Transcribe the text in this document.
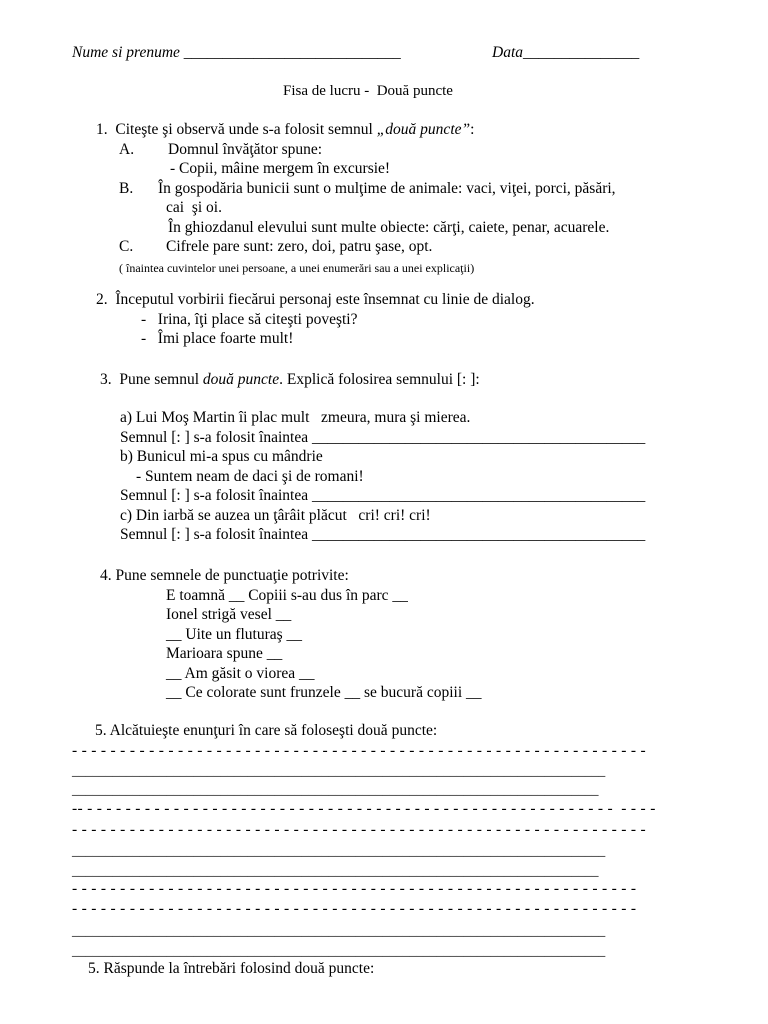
Nume si prenume ____________________________	Data_______________
Fisa de lucru -  Două puncte
1.  Citeşte şi observă unde s-a folosit semnul „două puncte”:
A. Domnul învăţător spune:
- Copii, mâine mergem în excursie!
B. În gospodăria bunicii sunt o mulţime de animale: vaci, viţei, porci, păsări,
cai  şi oi.
În ghiozdanul elevului sunt multe obiecte: cărţi, caiete, penar, acuarele.
C. Cifrele pare sunt: zero, doi, patru şase, opt.
( înaintea cuvintelor unei persoane, a unei enumerări sau a unei explicaţii)
2.  Începutul vorbirii fiecărui personaj este însemnat cu linie de dialog.
-   Irina, îţi place să citeşti poveşti?
-   Îmi place foarte mult!
3.  Pune semnul două puncte. Explică folosirea semnului [: ]:
a) Lui Moş Martin îi plac mult   zmeura, mura şi mierea.
Semnul [: ] s-a folosit înaintea ___________________________________________
b) Bunicul mi-a spus cu mândrie
- Suntem neam de daci şi de romani!
Semnul [: ] s-a folosit înaintea ___________________________________________
c) Din iarbă se auzea un ţârâit plăcut   cri! cri! cri!
Semnul [: ] s-a folosit înaintea ___________________________________________
4. Pune semnele de punctuaţie potrivite:
E toamnă __ Copiii s-au dus în parc __
Ionel strigă vesel __
__ Uite un fluturaş __
Marioara spune __
__ Am găsit o viorea __
__ Ce colorate sunt frunzele __ se bucură copiii __
5. Alcătuieşte enunţuri în care să foloseşti două puncte:
- - - - - - - - - - - - - - - - - - - - - - - - - - - - - - - - - - - - - - - - - - - - - - - - - - - - - - - - - - - -
_______________________________________________________________________________
______________________________________________________________________________
-- - - - - - - - - - - - - - - - - - - - - - - - - - - - - - - - - - - - - - - - - - - - - - - - - - - - - - - -  - - - -
- - - - - - - - - - - - - - - - - - - - - - - - - - - - - - - - - - - - - - - - - - - - - - - - - - - - - - - - - - - -
_______________________________________________________________________________
______________________________________________________________________________
- - - - - - - - - - - - - - - - - - - - - - - - - - - - - - - - - - - - - - - - - - - - - - - - - - - - - - - - - - -
- - - - - - - - - - - - - - - - - - - - - - - - - - - - - - - - - - - - - - - - - - - - - - - - - - - - - - - - - - -
_______________________________________________________________________________
_______________________________________________________________________________
5. Răspunde la întrebări folosind două puncte:
